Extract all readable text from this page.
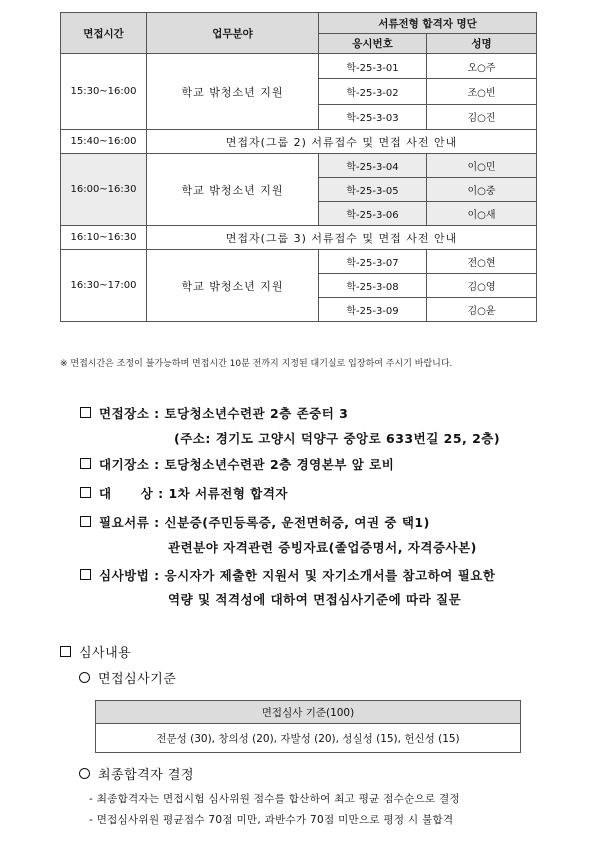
면접시간	업무분야	서류전형 합격자 명단	
		응시번호	성명
15:30~16:00	학교 밖청소년 지원	학-25-3-01	오○주
		학-25-3-02	조○빈
		학-25-3-03	김○진
15:40~16:00	면접자(그룹 2) 서류접수 및 면접 사전 안내		
16:00~16:30	학교 밖청소년 지원	학-25-3-04	이○민
		학-25-3-05	이○중
		학-25-3-06	이○새
16:10~16:30	면접자(그룹 3) 서류접수 및 면접 사전 안내		
16:30~17:00	학교 밖청소년 지원	학-25-3-07	전○현
		학-25-3-08	김○영
		학-25-3-09	김○윤
※ 면접시간은 조정이 불가능하며 면접시간 10분 전까지 지정된 대기실로 입장하여 주시기 바랍니다.
면접장소 : 토당청소년수련관 2층 존중터 3
(주소: 경기도 고양시 덕양구 중앙로 633번길 25, 2층)
대기장소 : 토당청소년수련관 2층 경영본부 앞 로비
대      상 : 1차 서류전형 합격자
필요서류 : 신분증(주민등록증, 운전면허증, 여권 중 택1)
관련분야 자격관련 증빙자료(졸업증명서, 자격증사본)
심사방법 : 응시자가 제출한 지원서 및 자기소개서를 참고하여 필요한
역량 및 적격성에 대하여 면접심사기준에 따라 질문
심사내용
면접심사기준
면접심사 기준(100)
전문성 (30), 창의성 (20), 자발성 (20), 성실성 (15), 헌신성 (15)
최종합격자 결정
- 최종합격자는 면접시험 심사위원 점수를 합산하여 최고 평균 점수순으로 결정
- 면접심사위원 평균점수 70점 미만, 과반수가 70점 미만으로 평정 시 불합격
